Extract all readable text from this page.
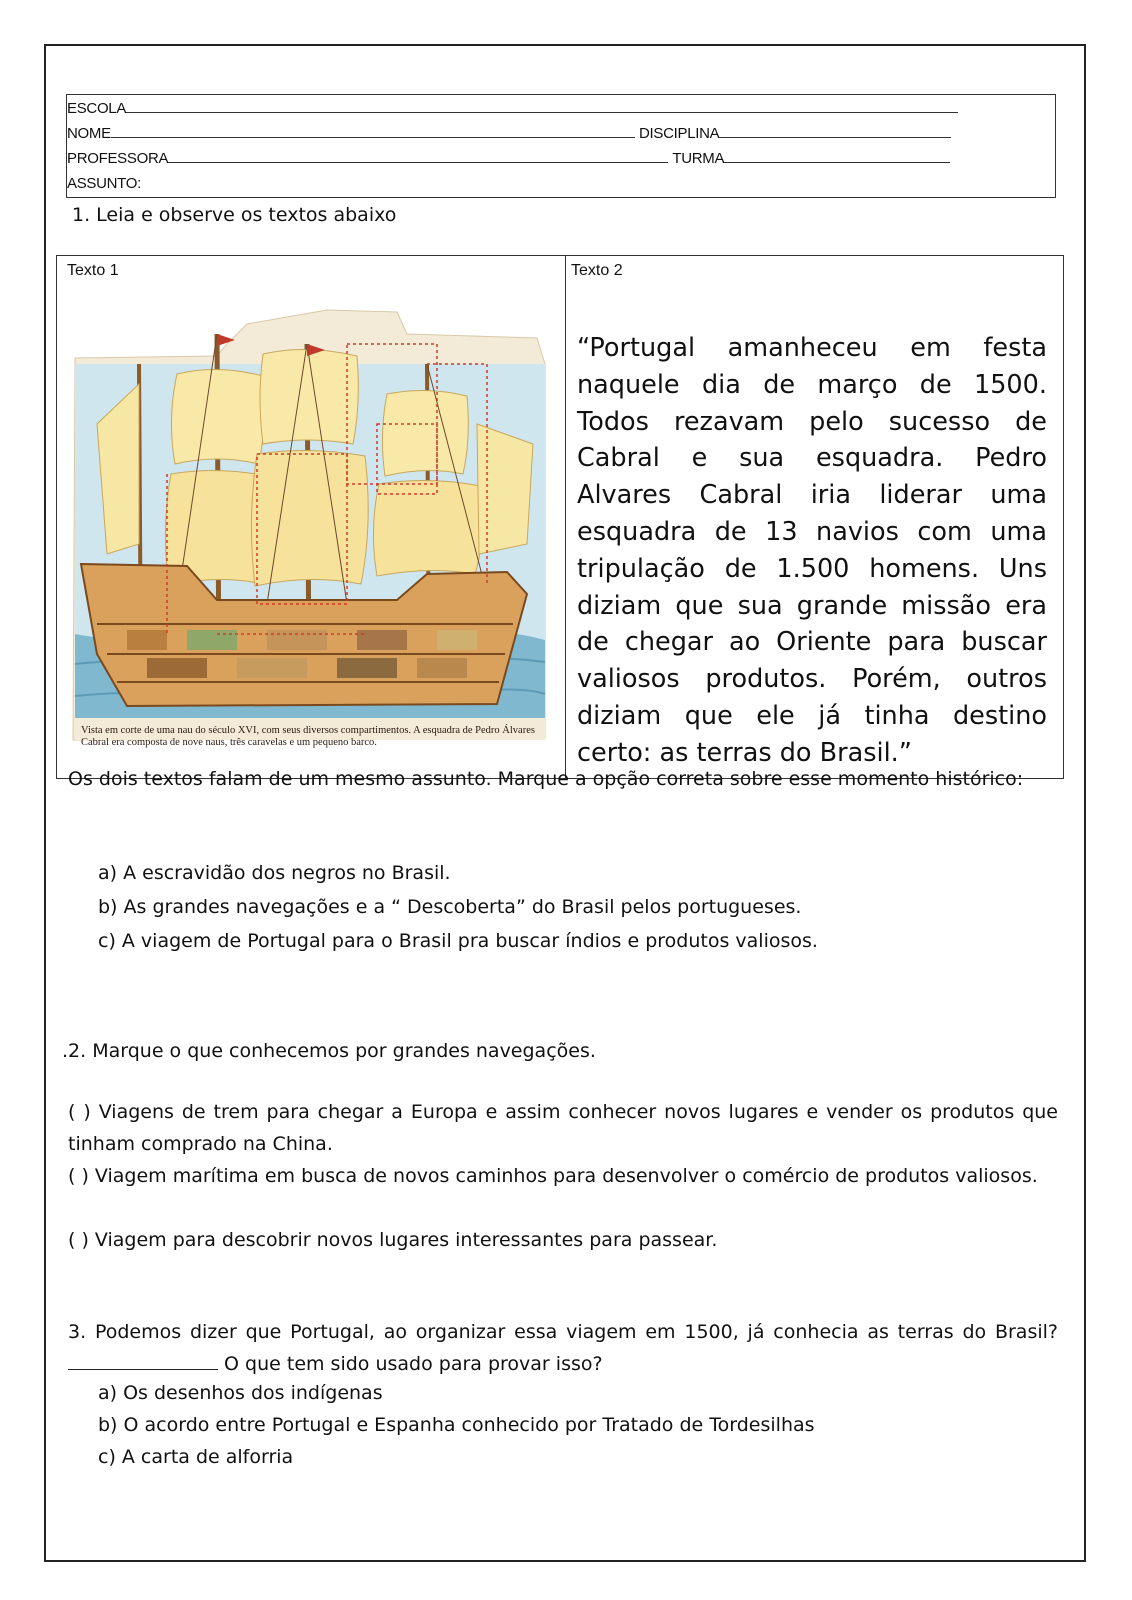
ESCOLA
NOME	DISCIPLINA
PROFESSORA	TURMA
ASSUNTO:
1. Leia e observe os textos abaixo
Texto 1	Texto 2
Vista em corte de uma nau do século XVI, com seus diversos compartimentos. A esquadra de Pedro Álvares Cabral era composta de nove naus, três caravelas e um pequeno barco.
“Portugal amanheceu em festa naquele dia de março de 1500. Todos rezavam pelo sucesso de Cabral e sua esquadra. Pedro Alvares Cabral iria liderar uma esquadra de 13 navios com uma tripulação de 1.500 homens. Uns diziam que sua grande missão era de chegar ao Oriente para buscar valiosos produtos. Porém, outros diziam que ele já tinha destino certo: as terras do Brasil.”
Os dois textos falam de um mesmo assunto. Marque a opção correta sobre esse momento histórico:
a) A escravidão dos negros no Brasil.
b) As grandes navegações e a “ Descoberta” do Brasil pelos portugueses.
c) A viagem de Portugal para o Brasil pra buscar índios e produtos valiosos.
.2. Marque o que conhecemos por grandes navegações.
( ) Viagens de trem para chegar a Europa e assim conhecer novos lugares e vender os produtos que tinham comprado na China.
( ) Viagem marítima em busca de novos caminhos para desenvolver o comércio de produtos valiosos.
( ) Viagem para descobrir novos lugares interessantes para passear.
3. Podemos dizer que Portugal, ao organizar essa viagem em 1500, já conhecia as terras do Brasil?  O que tem sido usado para provar isso?
a) Os desenhos dos indígenas
b) O acordo entre Portugal e Espanha conhecido por Tratado de Tordesilhas
c) A carta de alforria
